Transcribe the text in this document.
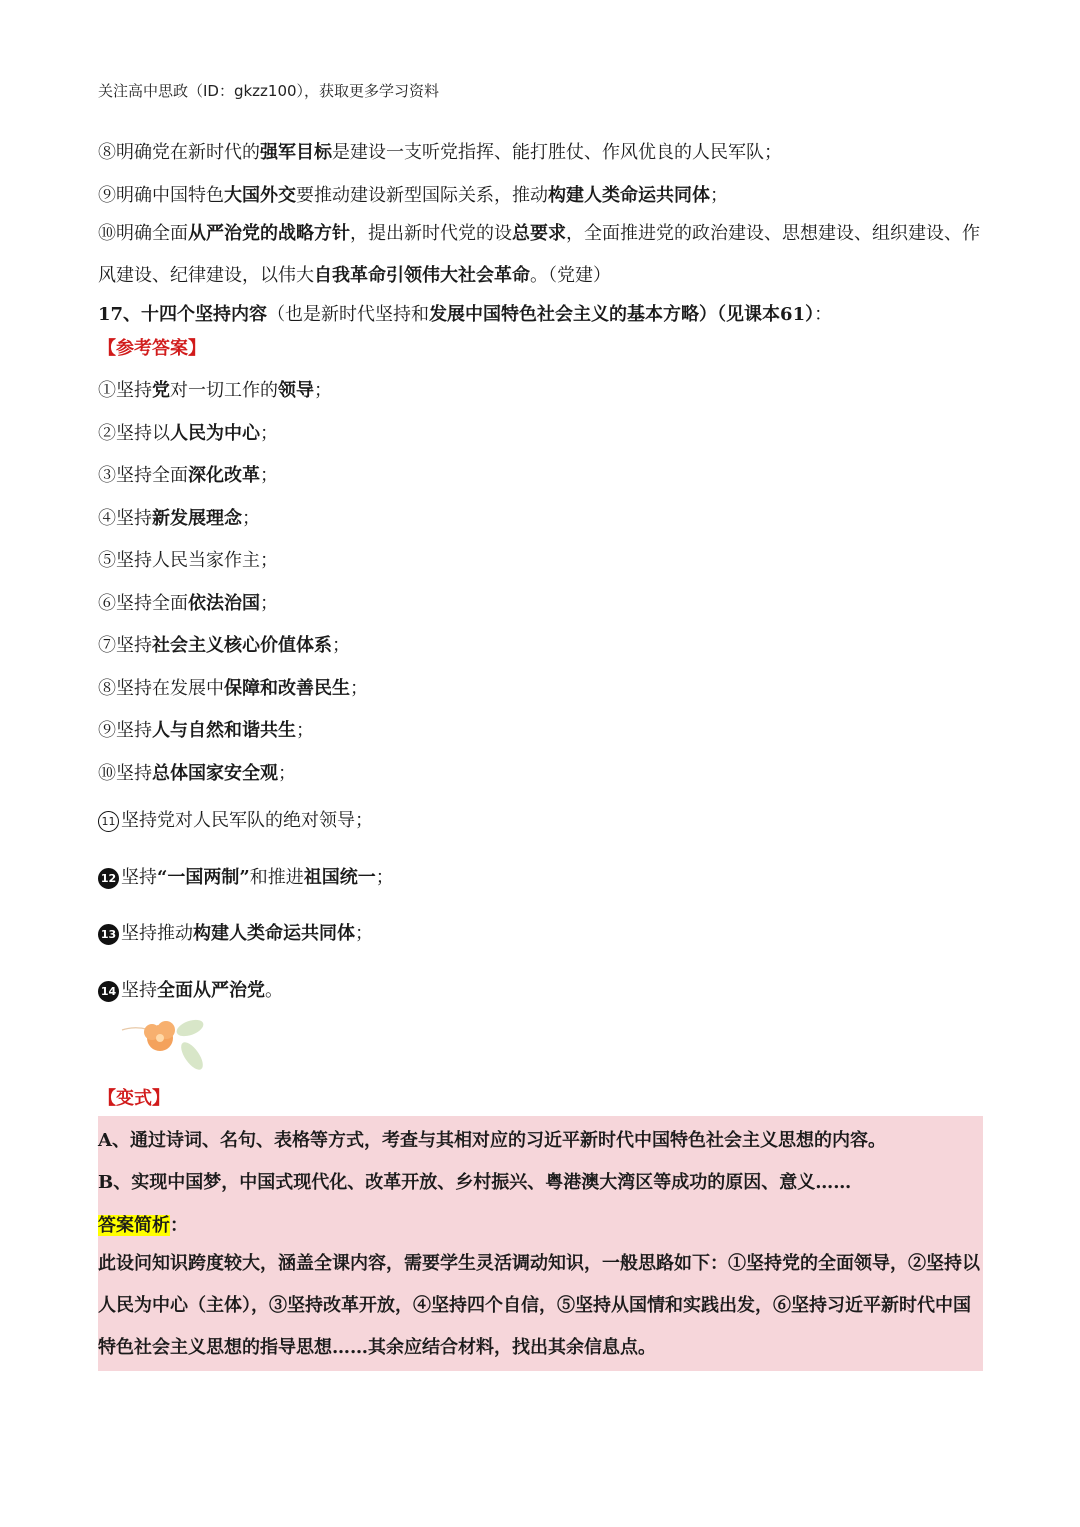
关注高中思政（ID：gkzz100），获取更多学习资料
⑧明确党在新时代的强军目标是建设一支听党指挥、能打胜仗、作风优良的人民军队；
⑨明确中国特色大国外交要推动建设新型国际关系，推动构建人类命运共同体；
⑩明确全面从严治党的战略方针，提出新时代党的设总要求，全面推进党的政治建设、思想建设、组织建设、作风建设、纪律建设，以伟大自我革命引领伟大社会革命。（党建）
17、十四个坚持内容（也是新时代坚持和发展中国特色社会主义的基本方略）（见课本61）：
【参考答案】
①坚持党对一切工作的领导；
②坚持以人民为中心；
③坚持全面深化改革；
④坚持新发展理念；
⑤坚持人民当家作主；
⑥坚持全面依法治国；
⑦坚持社会主义核心价值体系；
⑧坚持在发展中保障和改善民生；
⑨坚持人与自然和谐共生；
⑩坚持总体国家安全观；
11 坚持党对人民军队的绝对领导；
12 坚持“一国两制”和推进祖国统一；
13 坚持推动构建人类命运共同体；
14 坚持全面从严治党。
【变式】
A、通过诗词、名句、表格等方式，考查与其相对应的习近平新时代中国特色社会主义思想的内容。
B、实现中国梦，中国式现代化、改革开放、乡村振兴、粤港澳大湾区等成功的原因、意义……
答案简析：
此设问知识跨度较大，涵盖全课内容，需要学生灵活调动知识，一般思路如下：①坚持党的全面领导，②坚持以人民为中心（主体），③坚持改革开放，④坚持四个自信，⑤坚持从国情和实践出发，⑥坚持习近平新时代中国特色社会主义思想的指导思想……其余应结合材料，找出其余信息点。
